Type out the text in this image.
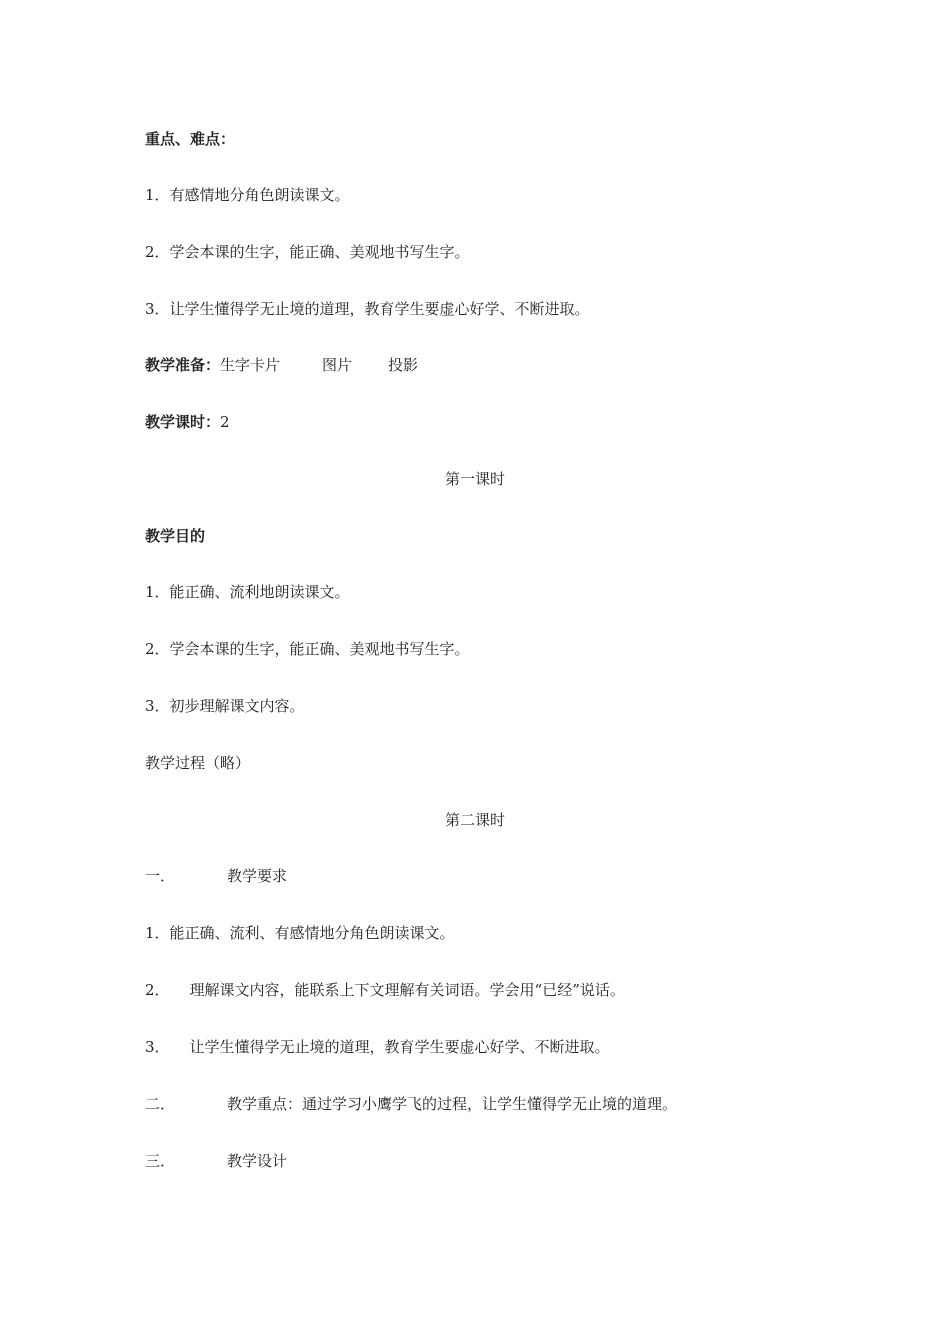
重点、难点：
1．有感情地分角色朗读课文。
2．学会本课的生字，能正确、美观地书写生字。
3．让学生懂得学无止境的道理，教育学生要虚心好学、不断进取。
教学准备：生字卡片	图片 投影
教学课时：2
第一课时
教学目的
1．能正确、流利地朗读课文。
2．学会本课的生字，能正确、美观地书写生字。
3．初步理解课文内容。
教学过程（略）
第二课时
一．	教学要求
1．能正确、流利、有感情地分角色朗读课文。
2． 理解课文内容，能联系上下文理解有关词语。学会用“已经”说话。
3． 让学生懂得学无止境的道理，教育学生要虚心好学、不断进取。
二．	教学重点：通过学习小鹰学飞的过程，让学生懂得学无止境的道理。
三．	教学设计
